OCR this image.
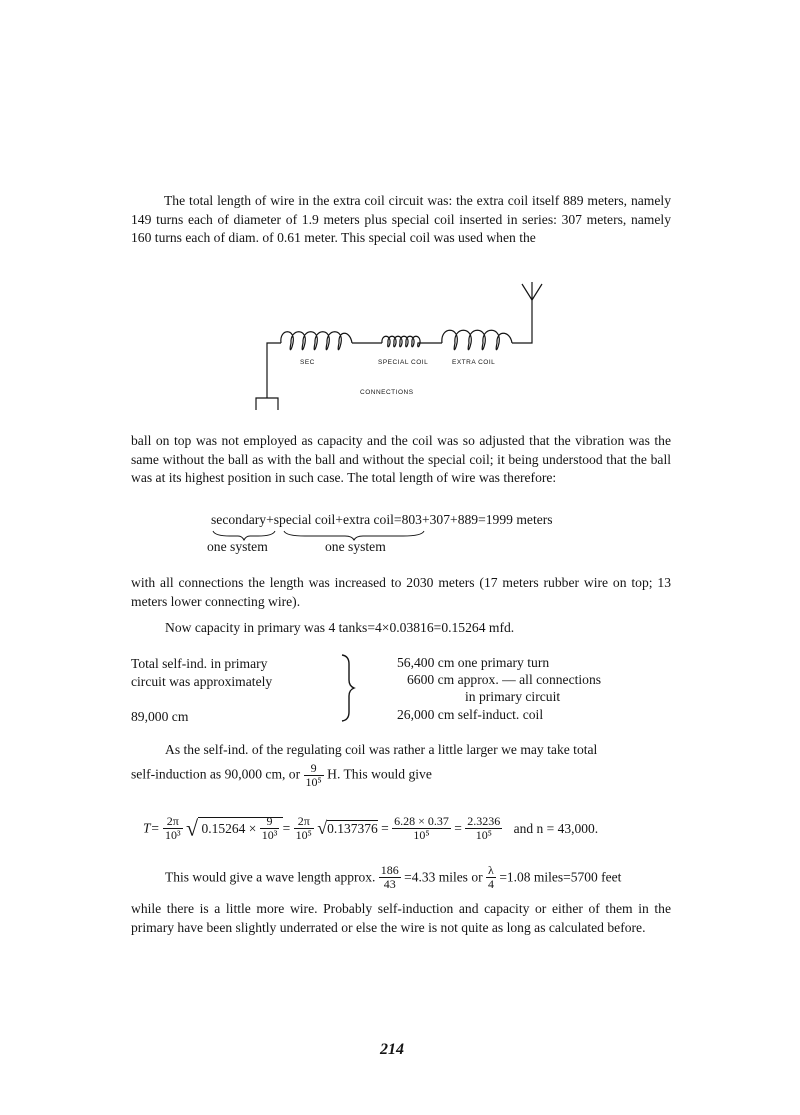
The total length of wire in the extra coil circuit was: the extra coil itself 889 meters, namely 149 turns each of diameter of 1.9 meters plus special coil inserted in series: 307 meters, namely 160 turns each of diam. of 0.61 meter. This special coil was used when the
SEC	SPECIAL COIL	EXTRA COIL
CONNECTIONS
ball on top was not employed as capacity and the coil was so adjusted that the vibration was the same without the ball as with the ball and without the special coil; it being understood that the ball was at its highest position in such case. The total length of wire was therefore:
secondary+special coil+extra coil=803+307+889=1999 meters
one system	one system
with all connections the length was increased to 2030 meters (17 meters rubber wire on top; 13 meters lower connecting wire).
Now capacity in primary was 4 tanks=4×0.03816=0.15264 mfd.
Total self-ind. in primary
circuit was approximately
89,000 cm
56,400 cm one primary turn
6600 cm approx. — all connections
in primary circuit
26,000 cm self-induct. coil
As the self-ind. of the regulating coil was rather a little larger we may take total
self-induction as 90,000 cm, or $\frac{9}{\text{10⁵}} H$. This would give
$T= \frac{2\pi}{\text{10³}}$ √ $0.15264 \times \frac{9}{\text{10³}} = \frac{2\pi}{\text{10⁵}} √0.137376 = \frac{6.28 \times 0.37}{\text{10⁵}} = \frac{2.3236}{\text{10⁵}}$ and n = 43,000.
This would give a wave length approx. $\frac{186}{43} =4.33$ miles or $\frac{\lambda}{4} =1.08$ miles=5700 feet
while there is a little more wire. Probably self-induction and capacity or either of them in the primary have been slightly underrated or else the wire is not quite as long as calculated before.
214
